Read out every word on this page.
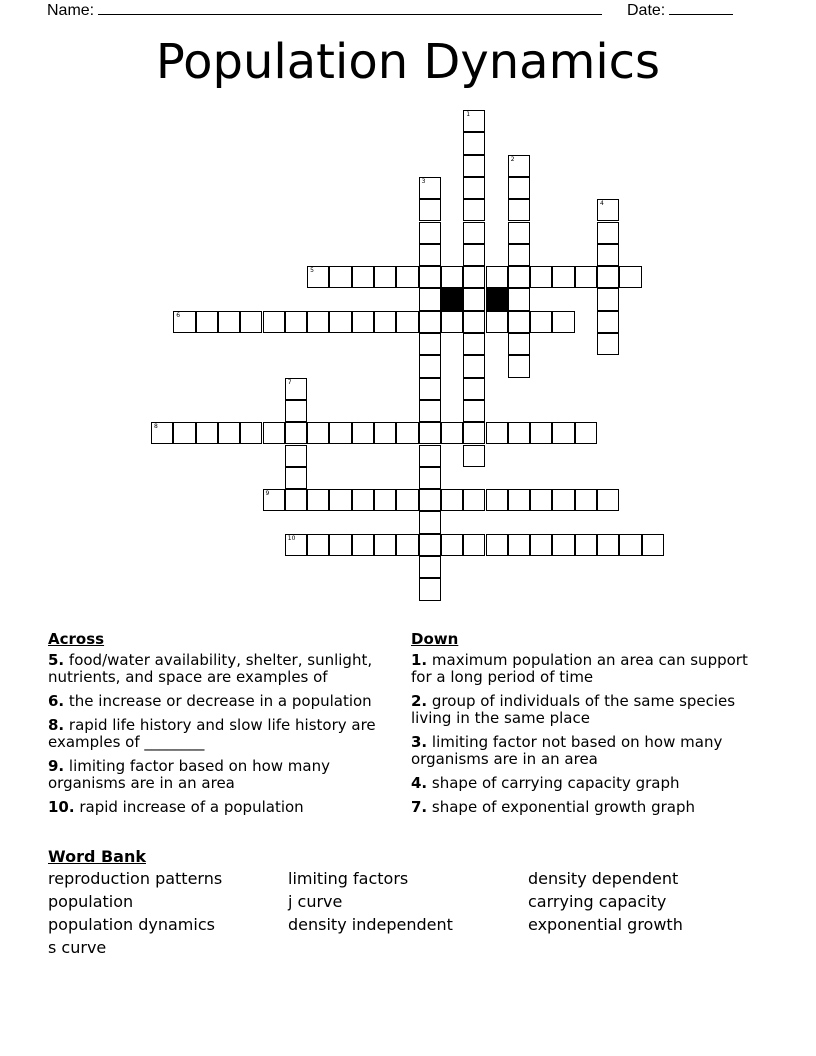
Name:	Date:
Population Dynamics
1
2
3
4
7
5
6
8
9
10
Across
5. food/water availability, shelter, sunlight, nutrients, and space are examples of
6. the increase or decrease in a population
8. rapid life history and slow life history are examples of ________
9. limiting factor based on how many organisms are in an area
10. rapid increase of a population
Down
1. maximum population an area can support for a long period of time
2. group of individuals of the same species living in the same place
3. limiting factor not based on how many organisms are in an area
4. shape of carrying capacity graph
7. shape of exponential growth graph
Word Bank
reproduction patterns	limiting factors	density dependent
population	j curve	carrying capacity
population dynamics	density independent	exponential growth
s curve
